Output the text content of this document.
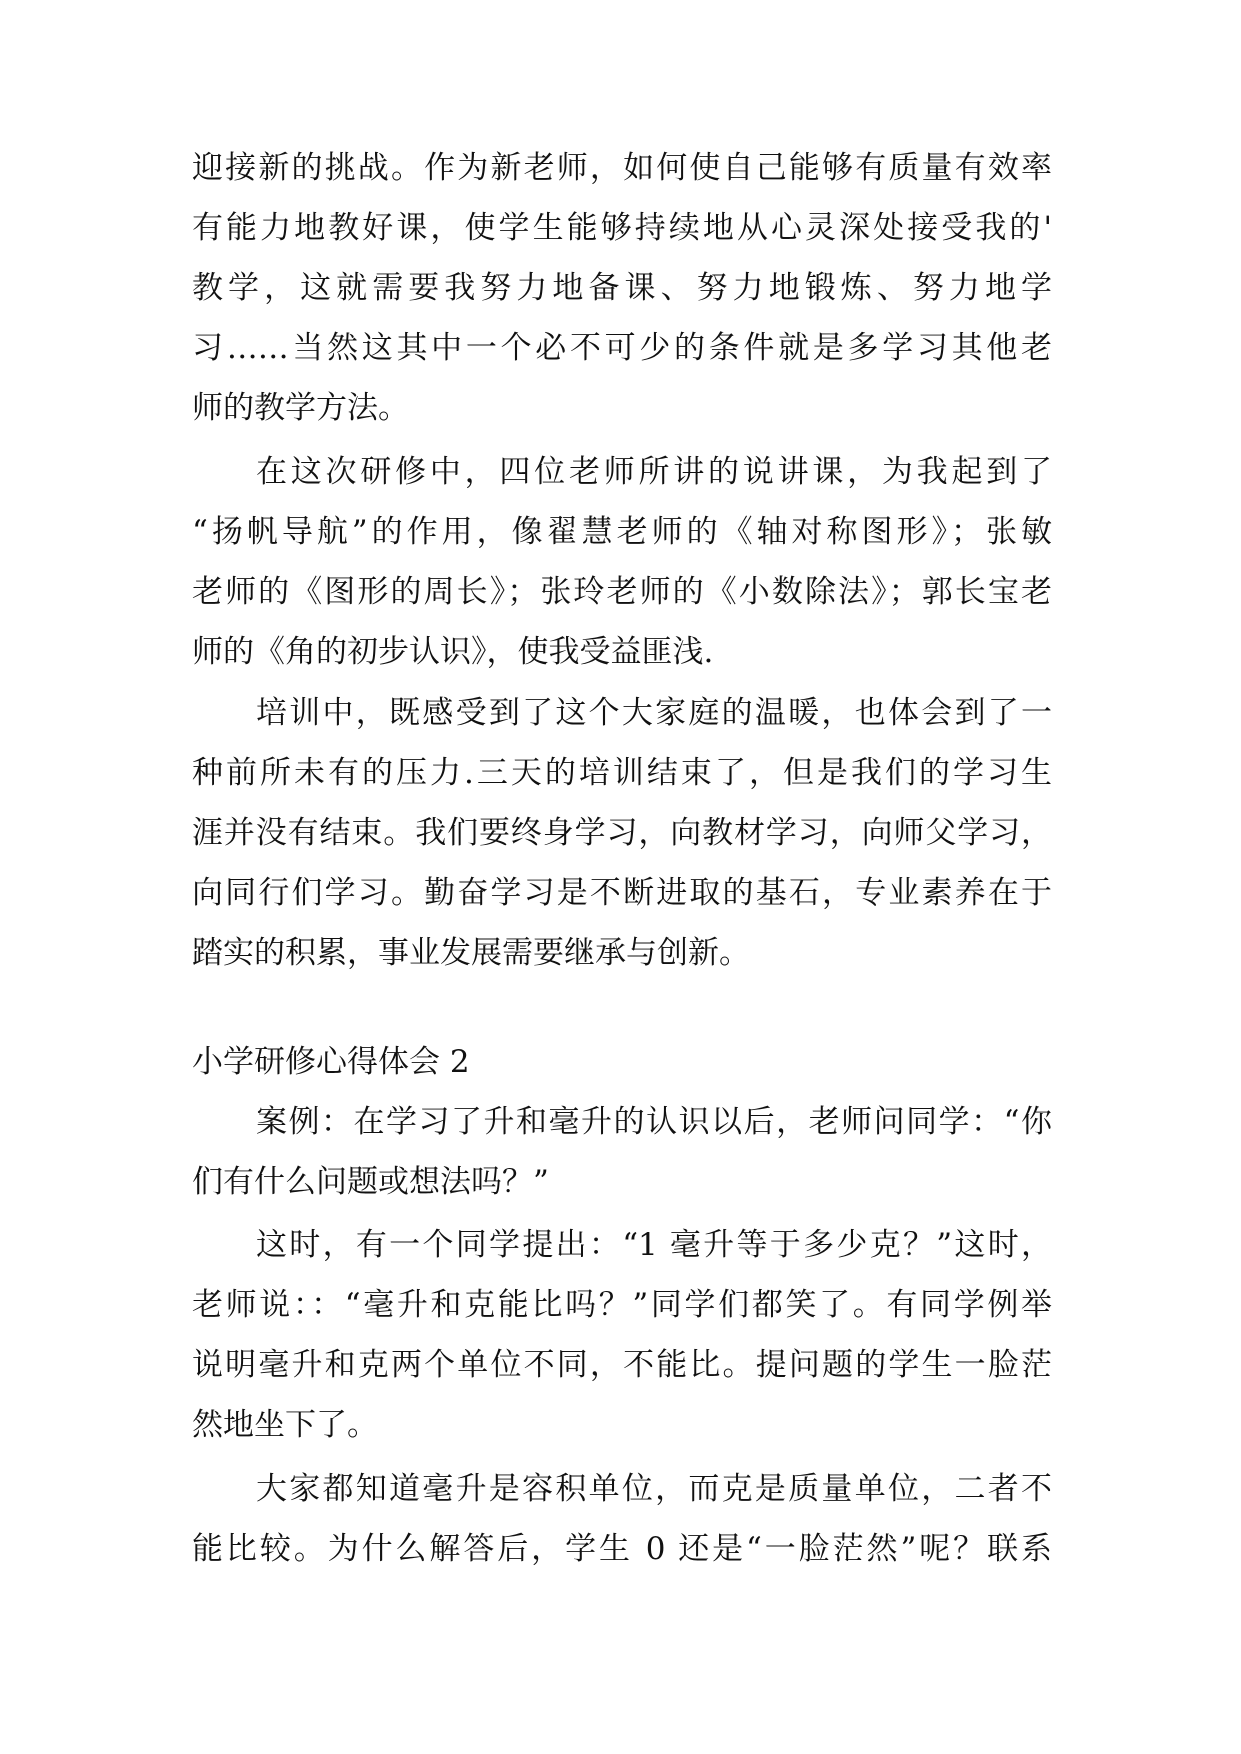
迎接新的挑战。作为新老师，如何使自己能够有质量有效率
有能力地教好课，使学生能够持续地从心灵深处接受我的'
教学，这就需要我努力地备课、努力地锻炼、努力地学
习……当然这其中一个必不可少的条件就是多学习其他老
师的教学方法。
在这次研修中，四位老师所讲的说讲课，为我起到了
“扬帆导航”的作用，像翟慧老师的《轴对称图形》；张敏
老师的《图形的周长》；张玲老师的《小数除法》；郭长宝老
师的《角的初步认识》，使我受益匪浅.
培训中，既感受到了这个大家庭的温暖，也体会到了一
种前所未有的压力.三天的培训结束了，但是我们的学习生
涯并没有结束。我们要终身学习，向教材学习，向师父学习，
向同行们学习。勤奋学习是不断进取的基石，专业素养在于
踏实的积累，事业发展需要继承与创新。
小学研修心得体会 2
案例：在学习了升和毫升的认识以后，老师问同学：“你
们有什么问题或想法吗？”
这时，有一个同学提出：“1 毫升等于多少克？”这时，
老师说：：“毫升和克能比吗？”同学们都笑了。有同学例举
说明毫升和克两个单位不同，不能比。提问题的学生一脸茫
然地坐下了。
大家都知道毫升是容积单位，而克是质量单位，二者不
能比较。为什么解答后，学生 0 还是“一脸茫然”呢？联系
